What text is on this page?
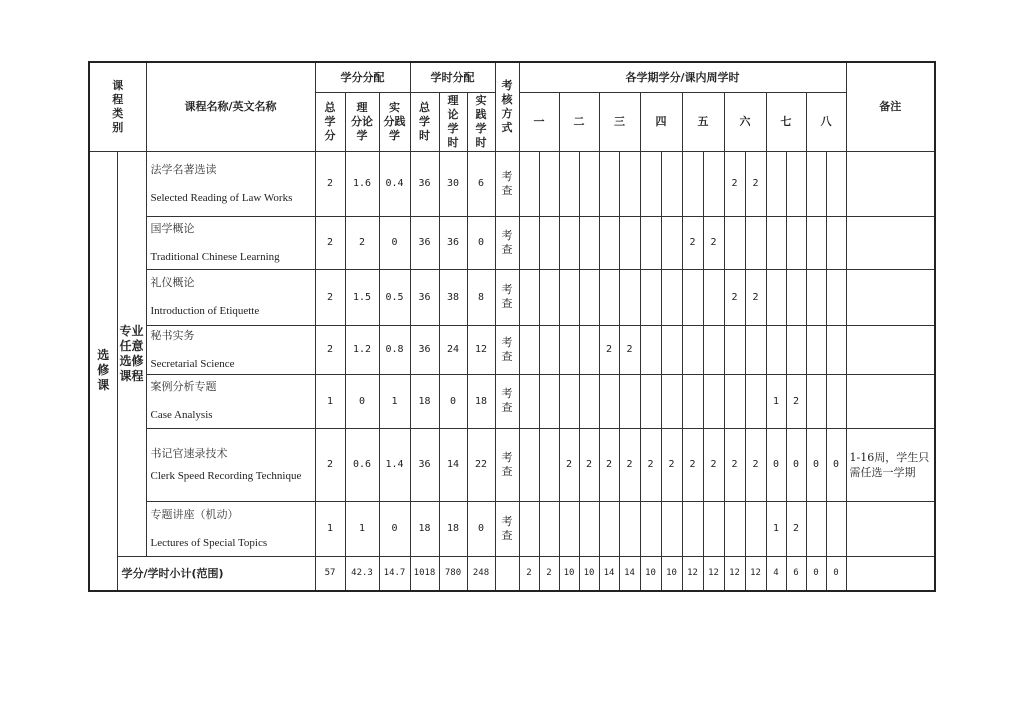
课
程
类
别		课程名称/英文名称	学分分配			学时分配			考
核
方
式	各学期学分/课内周学时																备注
			总
学
分	理
分论
学	实
分践
学	总
学
时	理
论
学
时	实
践
学
时		一		二		三		四		五		六		七		八		
选
修
课	专业
任意
选修
课程	法学名著选读
Selected Reading of Law Works	2	1.6	0.4	36	30	6	考
查											2	2					

		国学概论
Traditional Chinese Learning	2	2	0	36	36	0	考
查									2	2							

		礼仪概论
Introduction of Etiquette	2	1.5	0.5	36	38	8	考
查											2	2					

		秘书实务
Secretarial Science	2	1.2	0.8	36	24	12	考
查					2	2											

		案例分析专题
Case Analysis	1	0	1	18	0	18	考
查													1	2			

		书记官速录技术
Clerk Speed Recording Technique	2	0.6	1.4	36	14	22	考
查			2	2	2	2	2	2	2	2	2	2	0	0	0	0	1-16周，学生只需任选一学期

		专题讲座（机动）
Lectures of Special Topics	1	1	0	18	18	0	考
查													1	2			
	学分/学时小计(范围)		57	42.3	14.7	1018	780	248		2	2	10	10	14	14	10	10	12	12	12	12	4	6	0	0	
